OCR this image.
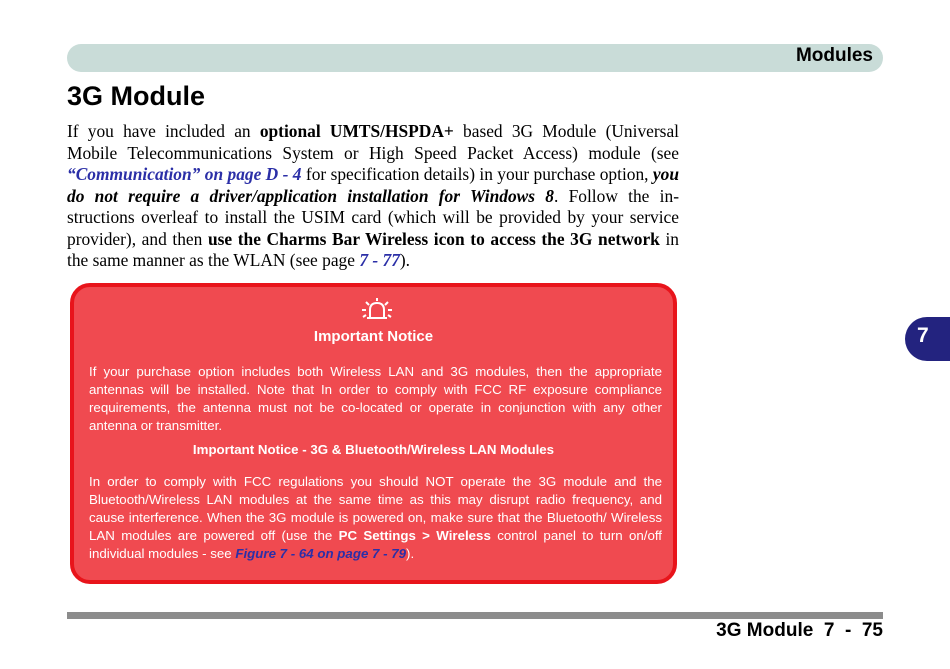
Modules
3G Module

If you have included an optional UMTS/HSPDA+ based 3G Module (Universal Mobile Telecommunications System or High Speed Packet Access) module (see “Communication” on page D - 4 for specification details) in your purchase option, you do not require a driver/application installation for Windows 8. Follow the in-structions overleaf to install the USIM card (which will be provided by your service provider), and then use the Charms Bar Wireless icon to access the 3G network in the same manner as the WLAN (see page 7 - 77).

Important Notice

If your purchase option includes both Wireless LAN and 3G modules, then the appropriate antennas will be installed. Note that In order to comply with FCC RF exposure compliance requirements, the antenna must not be co-located or operate in conjunction with any other antenna or transmitter.

Important Notice - 3G & Bluetooth/Wireless LAN Modules

In order to comply with FCC regulations you should NOT operate the 3G module and the Bluetooth/Wireless LAN modules at the same time as this may disrupt radio frequency, and cause interference. When the 3G module is powered on, make sure that the Bluetooth/ Wireless LAN modules are powered off (use the PC Settings > Wireless control panel to turn on/off individual modules - see Figure 7 - 64 on page 7 - 79).

7
3G Module  7  -  75
